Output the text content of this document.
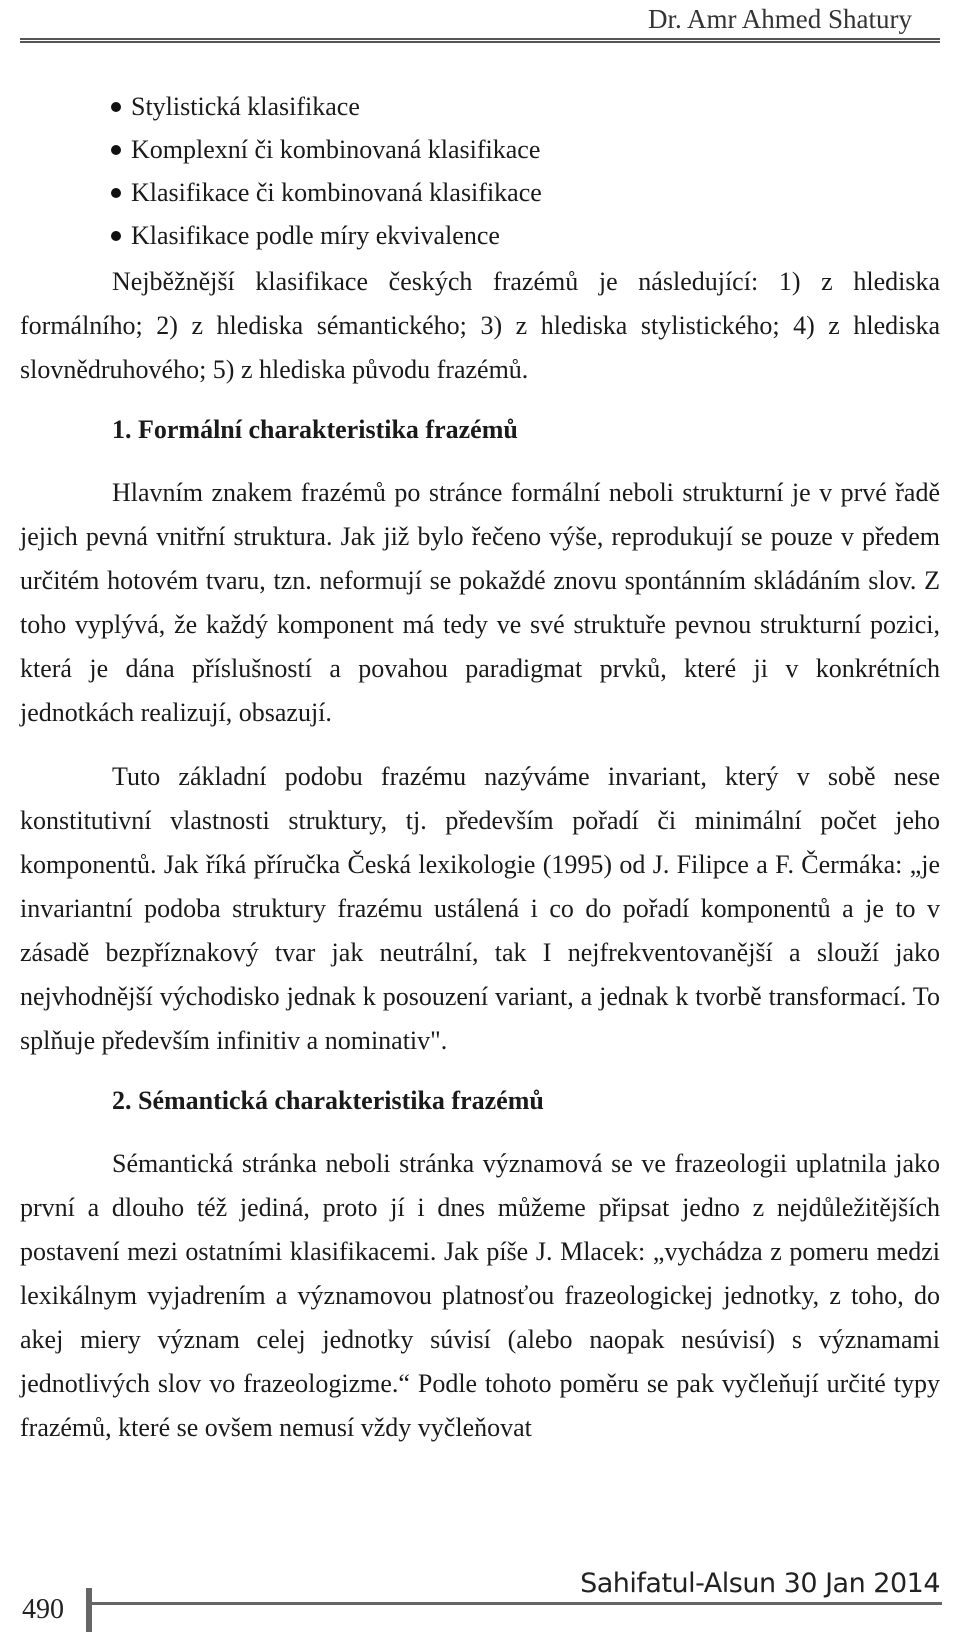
Dr. Amr Ahmed Shatury
Stylistická klasifikace
Komplexní či kombinovaná klasifikace
Klasifikace či kombinovaná klasifikace
Klasifikace podle míry ekvivalence

Nejběžnější klasifikace českých frazémů je následující: 1) z hlediska formálního; 2) z hlediska sémantického; 3) z hlediska stylistického; 4) z hlediska slovnědruhového; 5) z hlediska původu frazémů.

1. Formální charakteristika frazémů

Hlavním znakem frazémů po stránce formální neboli strukturní je v prvé řadě jejich pevná vnitřní struktura. Jak již bylo řečeno výše, reprodukují se pouze v předem určitém hotovém tvaru, tzn. neformují se pokaždé znovu spontánním skládáním slov. Z toho vyplývá, že každý komponent má tedy ve své struktuře pevnou strukturní pozici, která je dána příslušností a povahou paradigmat prvků, které ji v konkrétních jednotkách realizují, obsazují.

Tuto základní podobu frazému nazýváme invariant, který v sobě nese konstitutivní vlastnosti struktury, tj. především pořadí či minimální počet jeho komponentů. Jak říká příručka Česká lexikologie (1995) od J. Filipce a F. Čermáka: „je invariantní podoba struktury frazému ustálená i co do pořadí komponentů a je to v zásadě bezpříznakový tvar jak neutrální, tak I nejfrekventovanější a slouží jako nejvhodnější východisko jednak k posouzení variant, a jednak k tvorbě transformací. To splňuje především infinitiv a nominativ".

2. Sémantická charakteristika frazémů

Sémantická stránka neboli stránka významová se ve frazeologii uplatnila jako první a dlouho též jediná, proto jí i dnes můžeme připsat jedno z nejdůležitějších postavení mezi ostatními klasifikacemi. Jak píše J. Mlacek: „vychádza z pomeru medzi lexikálnym vyjadrením a významovou platnosťou frazeologickej jednotky, z toho, do akej miery význam celej jednotky súvisí (alebo naopak nesúvisí) s významami jednotlivých slov vo frazeologizme.“ Podle tohoto poměru se pak vyčleňují určité typy frazémů, které se ovšem nemusí vždy vyčleňovat

490
Sahifatul-Alsun 30 Jan 2014
